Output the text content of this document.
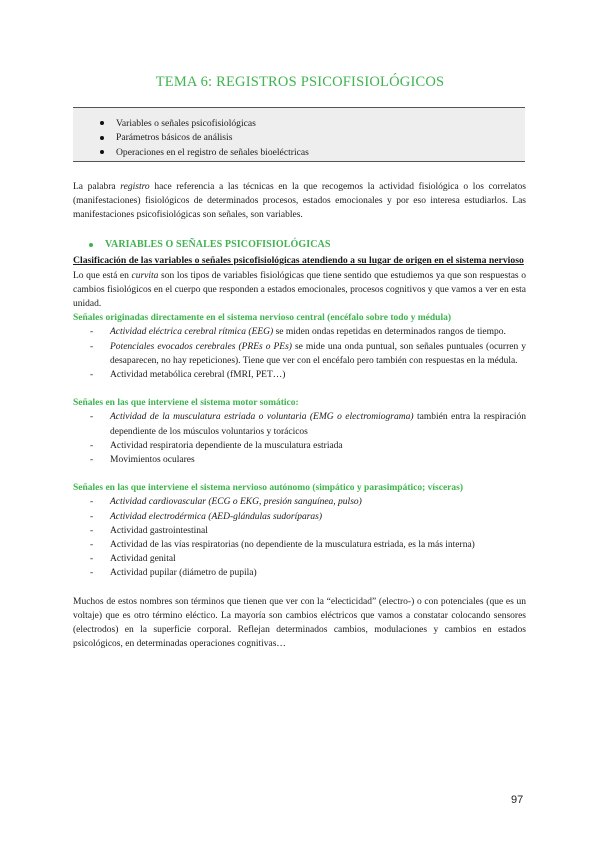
TEMA 6: REGISTROS PSICOFISIOLÓGICOS
Variables o señales psicofisiológicas
Parámetros básicos de análisis
Operaciones en el registro de señales bioeléctricas
La palabra registro hace referencia a las técnicas en la que recogemos la actividad fisiológica o los correlatos (manifestaciones) fisiológicos de determinados procesos, estados emocionales y por eso interesa estudiarlos. Las manifestaciones psicofisiológicas son señales, son variables.
VARIABLES O SEÑALES PSICOFISIOLÓGICAS
Clasificación de las variables o señales psicofisiológicas atendiendo a su lugar de origen en el sistema nervioso
Lo que está en curvita son los tipos de variables fisiológicas que tiene sentido que estudiemos ya que son respuestas o cambios fisiológicos en el cuerpo que responden a estados emocionales, procesos cognitivos y que vamos a ver en esta unidad.
Señales originadas directamente en el sistema nervioso central (encéfalo sobre todo y médula)
- Actividad eléctrica cerebral rítmica (EEG) se miden ondas repetidas en determinados rangos de tiempo.
- Potenciales evocados cerebrales (PREs o PEs) se mide una onda puntual, son señales puntuales (ocurren y desaparecen, no hay repeticiones). Tiene que ver con el encéfalo pero también con respuestas en la médula.
- Actividad metabólica cerebral (fMRI, PET…)
Señales en las que interviene el sistema motor somático:
- Actividad de la musculatura estriada o voluntaria (EMG o electromiograma) también entra la respiración dependiente de los músculos voluntarios y torácicos
- Actividad respiratoria dependiente de la musculatura estriada
- Movimientos oculares
Señales en las que interviene el sistema nervioso autónomo (simpático y parasimpático; vísceras)
- Actividad cardiovascular (ECG o EKG, presión sanguínea, pulso)
- Actividad electrodérmica (AED-glándulas sudoríparas)
- Actividad gastrointestinal
- Actividad de las vías respiratorias (no dependiente de la musculatura estriada, es la más interna)
- Actividad genital
- Actividad pupilar (diámetro de pupila)
Muchos de estos nombres son términos que tienen que ver con la “electicidad” (electro-) o con potenciales (que es un voltaje) que es otro término eléctico. La mayoría son cambios eléctricos que vamos a constatar colocando sensores (electrodos) en la superficie corporal. Reflejan determinados cambios, modulaciones y cambios en estados psicológicos, en determinadas operaciones cognitivas…
97
